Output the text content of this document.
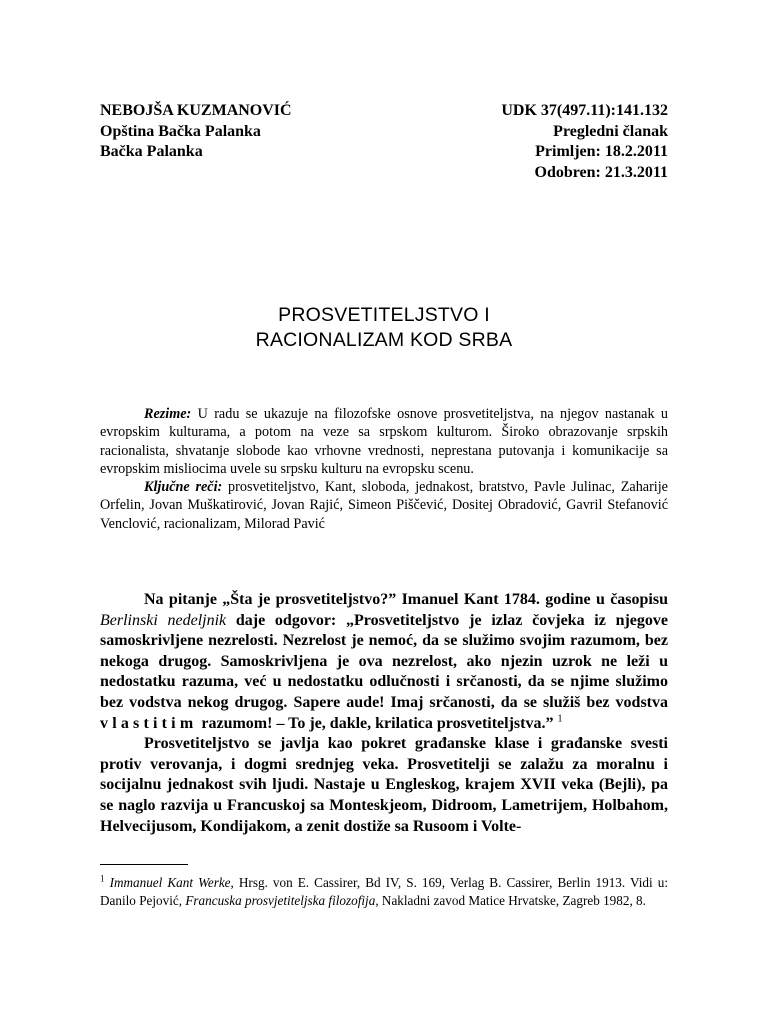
NEBOJŠA KUZMANOVIĆ
Opština Bačka Palanka
Bačka Palanka
UDK 37(497.11):141.132
Pregledni članak
Primljen: 18.2.2011
Odobren: 21.3.2011
PROSVETITELJSTVO I
RACIONALIZAM KOD SRBA

Rezime: U radu se ukazuje na filozofske osnove prosvetiteljstva, na njegov nastanak u evropskim kulturama, a potom na veze sa srpskom kulturom. Široko obrazovanje srpskih racionalista, shvatanje slobode kao vrhovne vrednosti, neprestana putovanja i komunikacije sa evropskim misliocima uvele su srpsku kulturu na evropsku scenu.

Ključne reči: prosvetiteljstvo, Kant, sloboda, jednakost, bratstvo, Pavle Julinac, Zaharije Orfelin, Jovan Muškatirović, Jovan Rajić, Simeon Piščević, Dositej Obradović, Gavril Stefanović Venclović, racionalizam, Milorad Pavić

Na pitanje „Šta je prosvetiteljstvo?” Imanuel Kant 1784. godine u časopisu Berlinski nedeljnik daje odgovor: „Prosvetiteljstvo je izlaz čovjeka iz njegove samoskrivljene nezrelosti. Nezrelost je nemoć, da se služimo svojim razumom, bez nekoga drugog. Samoskrivljena je ova nezrelost, ako njezin uzrok ne leži u nedostatku razuma, već u nedostatku odlučnosti i srčanosti, da se njime služimo bez vodstva nekog drugog. Sapere aude! Imaj srčanosti, da se služiš bez vodstva vlastitim razumom! – To je, dakle, krilatica prosvetiteljstva.” $^1$

Prosvetiteljstvo se javlja kao pokret građanske klase i građanske svesti protiv verovanja, i dogmi srednjeg veka. Prosvetitelji se zalažu za moralnu i socijalnu jednakost svih ljudi. Nastaje u Engleskog, krajem XVII veka (Bejli), pa se naglo razvija u Francuskoj sa Monteskjeom, Didroom, Lametrijem, Holbahom, Helvecijusom, Kondijakom, a zenit dostiže sa Rusoom i Volte-

$^1$ Immanuel Kant Werke, Hrsg. von E. Cassirer, Bd IV, S. 169, Verlag B. Cassirer, Berlin 1913. Vidi u: Danilo Pejović, Francuska prosvjetiteljska filozofija, Nakladni zavod Matice Hrvatske, Zagreb 1982, 8.
